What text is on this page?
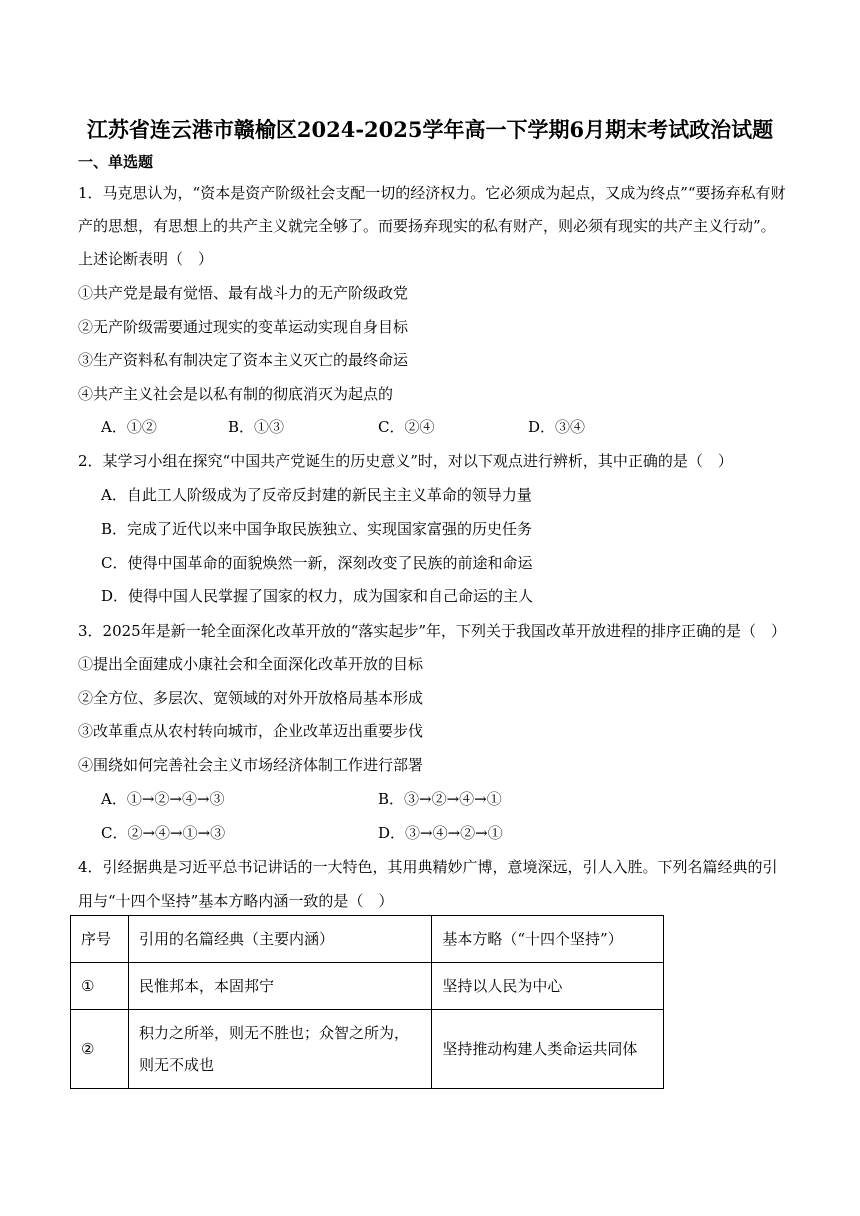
江苏省连云港市赣榆区2024-2025学年高一下学期6月期末考试政治试题
一、单选题
1．马克思认为，“资本是资产阶级社会支配一切的经济权力。它必须成为起点，又成为终点”“要扬弃私有财
产的思想，有思想上的共产主义就完全够了。而要扬弃现实的私有财产，则必须有现实的共产主义行动”。
上述论断表明（　）
①共产党是最有觉悟、最有战斗力的无产阶级政党
②无产阶级需要通过现实的变革运动实现自身目标
③生产资料私有制决定了资本主义灭亡的最终命运
④共产主义社会是以私有制的彻底消灭为起点的
A．①②	B．①③	C．②④	D．③④
2．某学习小组在探究“中国共产党诞生的历史意义”时，对以下观点进行辨析，其中正确的是（　）
A．自此工人阶级成为了反帝反封建的新民主主义革命的领导力量
B．完成了近代以来中国争取民族独立、实现国家富强的历史任务
C．使得中国革命的面貌焕然一新，深刻改变了民族的前途和命运
D．使得中国人民掌握了国家的权力，成为国家和自己命运的主人
3．2025年是新一轮全面深化改革开放的“落实起步”年，下列关于我国改革开放进程的排序正确的是（　）
①提出全面建成小康社会和全面深化改革开放的目标
②全方位、多层次、宽领域的对外开放格局基本形成
③改革重点从农村转向城市，企业改革迈出重要步伐
④围绕如何完善社会主义市场经济体制工作进行部署
A．①→②→④→③	B．③→②→④→①
C．②→④→①→③	D．③→④→②→①
4．引经据典是习近平总书记讲话的一大特色，其用典精妙广博，意境深远，引人入胜。下列名篇经典的引
用与“十四个坚持”基本方略内涵一致的是（　）
序号	引用的名篇经典（主要内涵）	基本方略（“十四个坚持”）
①	民惟邦本，本固邦宁	坚持以人民为中心
②	积力之所举，则无不胜也；众智之所为，则无不成也	坚持推动构建人类命运共同体
